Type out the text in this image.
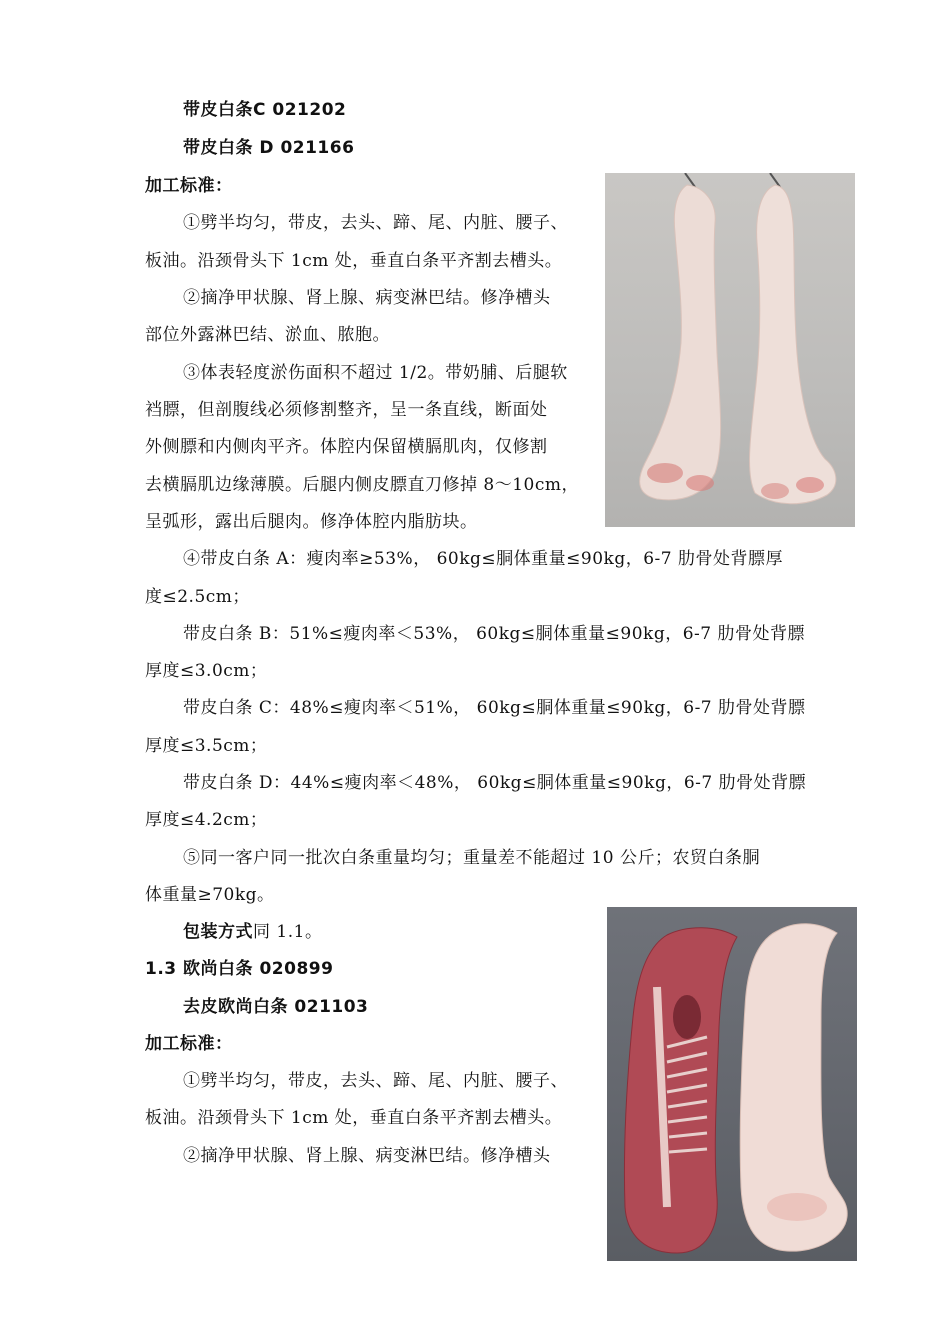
带皮白条C 021202
带皮白条 D 021166
加工标准：
①劈半均匀，带皮，去头、蹄、尾、内脏、腰子、
板油。沿颈骨头下 1cm 处，垂直白条平齐割去槽头。
②摘净甲状腺、肾上腺、病变淋巴结。修净槽头
部位外露淋巴结、淤血、脓胞。
③体表轻度淤伤面积不超过 1/2。带奶脯、后腿软
裆膘，但剖腹线必须修割整齐，呈一条直线，断面处
外侧膘和内侧肉平齐。体腔内保留横膈肌肉，仅修割
去横膈肌边缘薄膜。后腿内侧皮膘直刀修掉 8～10cm，
呈弧形，露出后腿肉。修净体腔内脂肪块。
④带皮白条 A：瘦肉率≥53%， 60kg≤胴体重量≤90kg，6-7 肋骨处背膘厚
度≤2.5cm；
带皮白条 B：51%≤瘦肉率＜53%， 60kg≤胴体重量≤90kg，6-7 肋骨处背膘
厚度≤3.0cm；
带皮白条 C：48%≤瘦肉率＜51%， 60kg≤胴体重量≤90kg，6-7 肋骨处背膘
厚度≤3.5cm；
带皮白条 D：44%≤瘦肉率＜48%， 60kg≤胴体重量≤90kg，6-7 肋骨处背膘
厚度≤4.2cm；
⑤同一客户同一批次白条重量均匀；重量差不能超过 10 公斤；农贸白条胴
体重量≥70kg。
包装方式同 1.1。
1.3 欧尚白条 020899
去皮欧尚白条 021103
加工标准：
①劈半均匀，带皮，去头、蹄、尾、内脏、腰子、
板油。沿颈骨头下 1cm 处，垂直白条平齐割去槽头。
②摘净甲状腺、肾上腺、病变淋巴结。修净槽头
